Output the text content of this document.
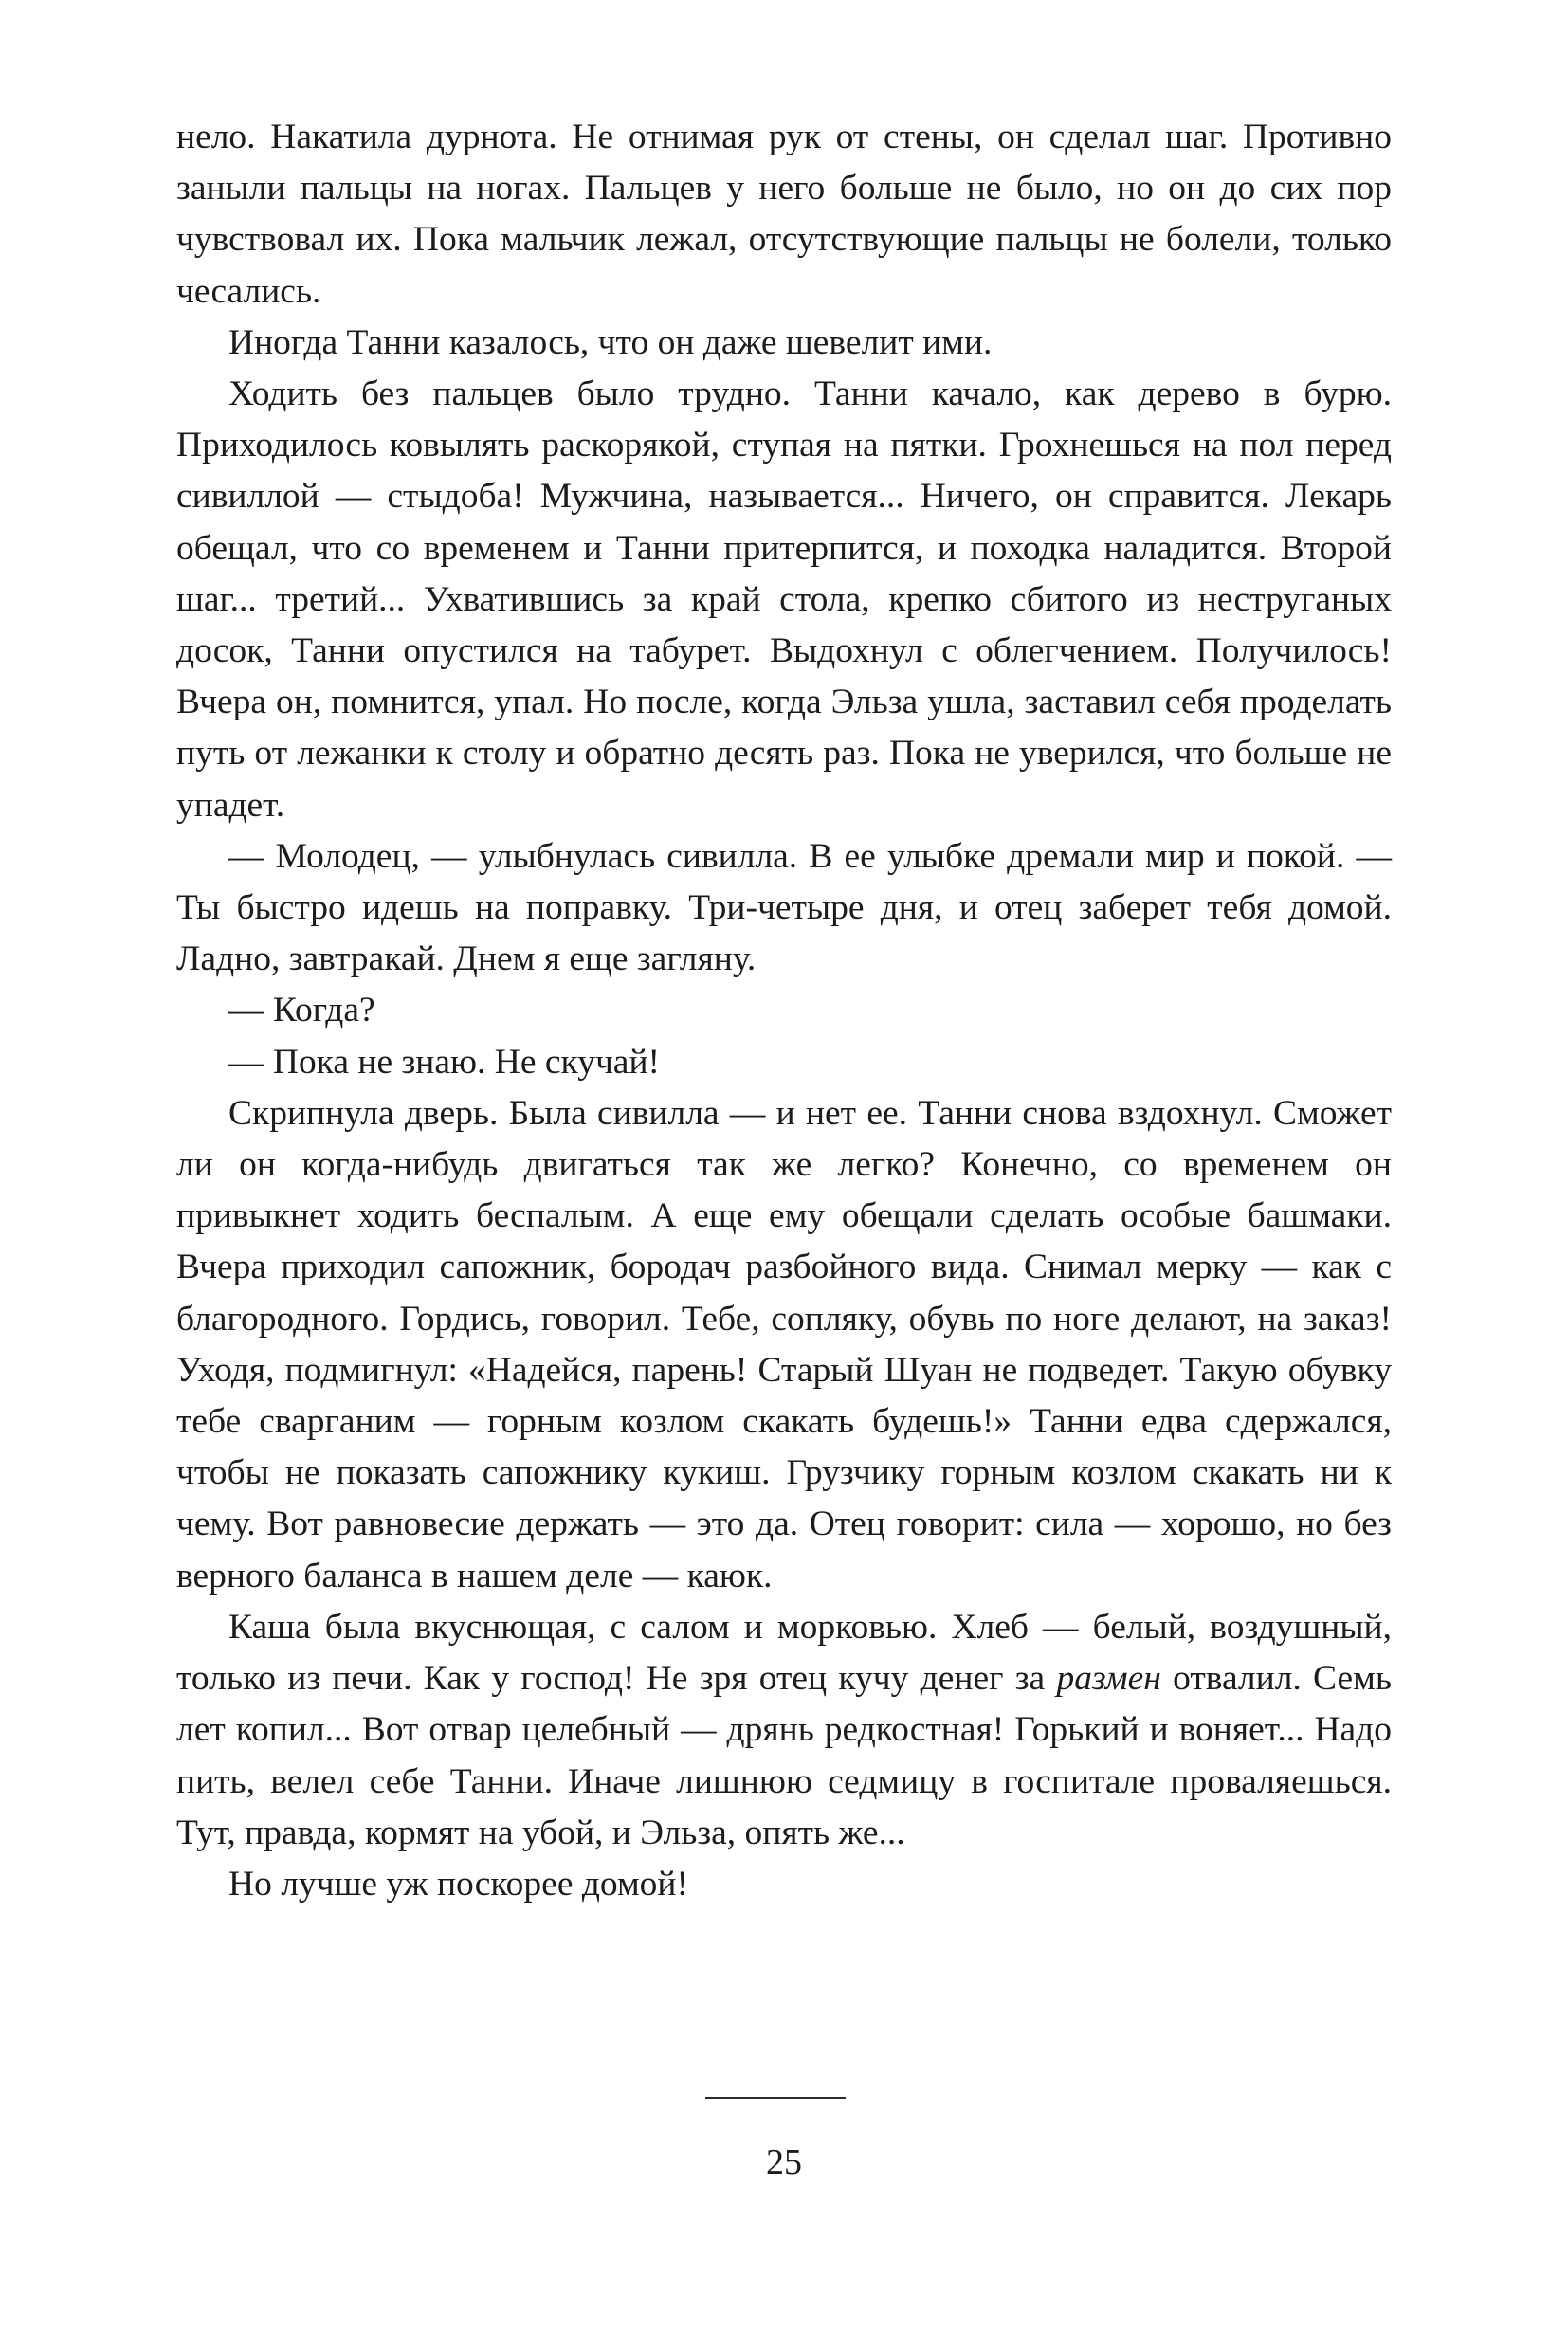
нело. Накатила дурнота. Не отнимая рук от стены, он сделал шаг. Противно заныли пальцы на ногах. Пальцев у него больше не было, но он до сих пор чувствовал их. Пока мальчик лежал, отсутствующие пальцы не болели, только чесались.

Иногда Танни казалось, что он даже шевелит ими.

Ходить без пальцев было трудно. Танни качало, как дерево в бурю. Приходилось ковылять раскорякой, ступая на пятки. Грохнешься на пол перед сивиллой — стыдоба! Мужчина, называется... Ничего, он справится. Лекарь обещал, что со временем и Танни притерпится, и походка наладится. Второй шаг... третий... Ухватившись за край стола, крепко сбитого из неструганых досок, Танни опустился на табурет. Выдохнул с облегчением. Получилось! Вчера он, помнится, упал. Но после, когда Эльза ушла, заставил себя проделать путь от лежанки к столу и обратно десять раз. Пока не уверился, что больше не упадет.

— Молодец, — улыбнулась сивилла. В ее улыбке дремали мир и покой. — Ты быстро идешь на поправку. Три-четыре дня, и отец заберет тебя домой. Ладно, завтракай. Днем я еще загляну.

— Когда?

— Пока не знаю. Не скучай!

Скрипнула дверь. Была сивилла — и нет ее. Танни снова вздохнул. Сможет ли он когда-нибудь двигаться так же легко? Конечно, со временем он привыкнет ходить беспалым. А еще ему обещали сделать особые башмаки. Вчера приходил сапожник, бородач разбойного вида. Снимал мерку — как с благородного. Гордись, говорил. Тебе, сопляку, обувь по ноге делают, на заказ! Уходя, подмигнул: «Надейся, парень! Старый Шуан не подведет. Такую обувку тебе сварганим — горным козлом скакать будешь!» Танни едва сдержался, чтобы не показать сапожнику кукиш. Грузчику горным козлом скакать ни к чему. Вот равновесие держать — это да. Отец говорит: сила — хорошо, но без верного баланса в нашем деле — каюк.

Каша была вкуснющая, с салом и морковью. Хлеб — белый, воздушный, только из печи. Как у господ! Не зря отец кучу денег за размен отвалил. Семь лет копил... Вот отвар целебный — дрянь редкостная! Горький и воняет... Надо пить, велел себе Танни. Иначе лишнюю седмицу в госпитале проваляешься. Тут, правда, кормят на убой, и Эльза, опять же...

Но лучше уж поскорее домой!

25
